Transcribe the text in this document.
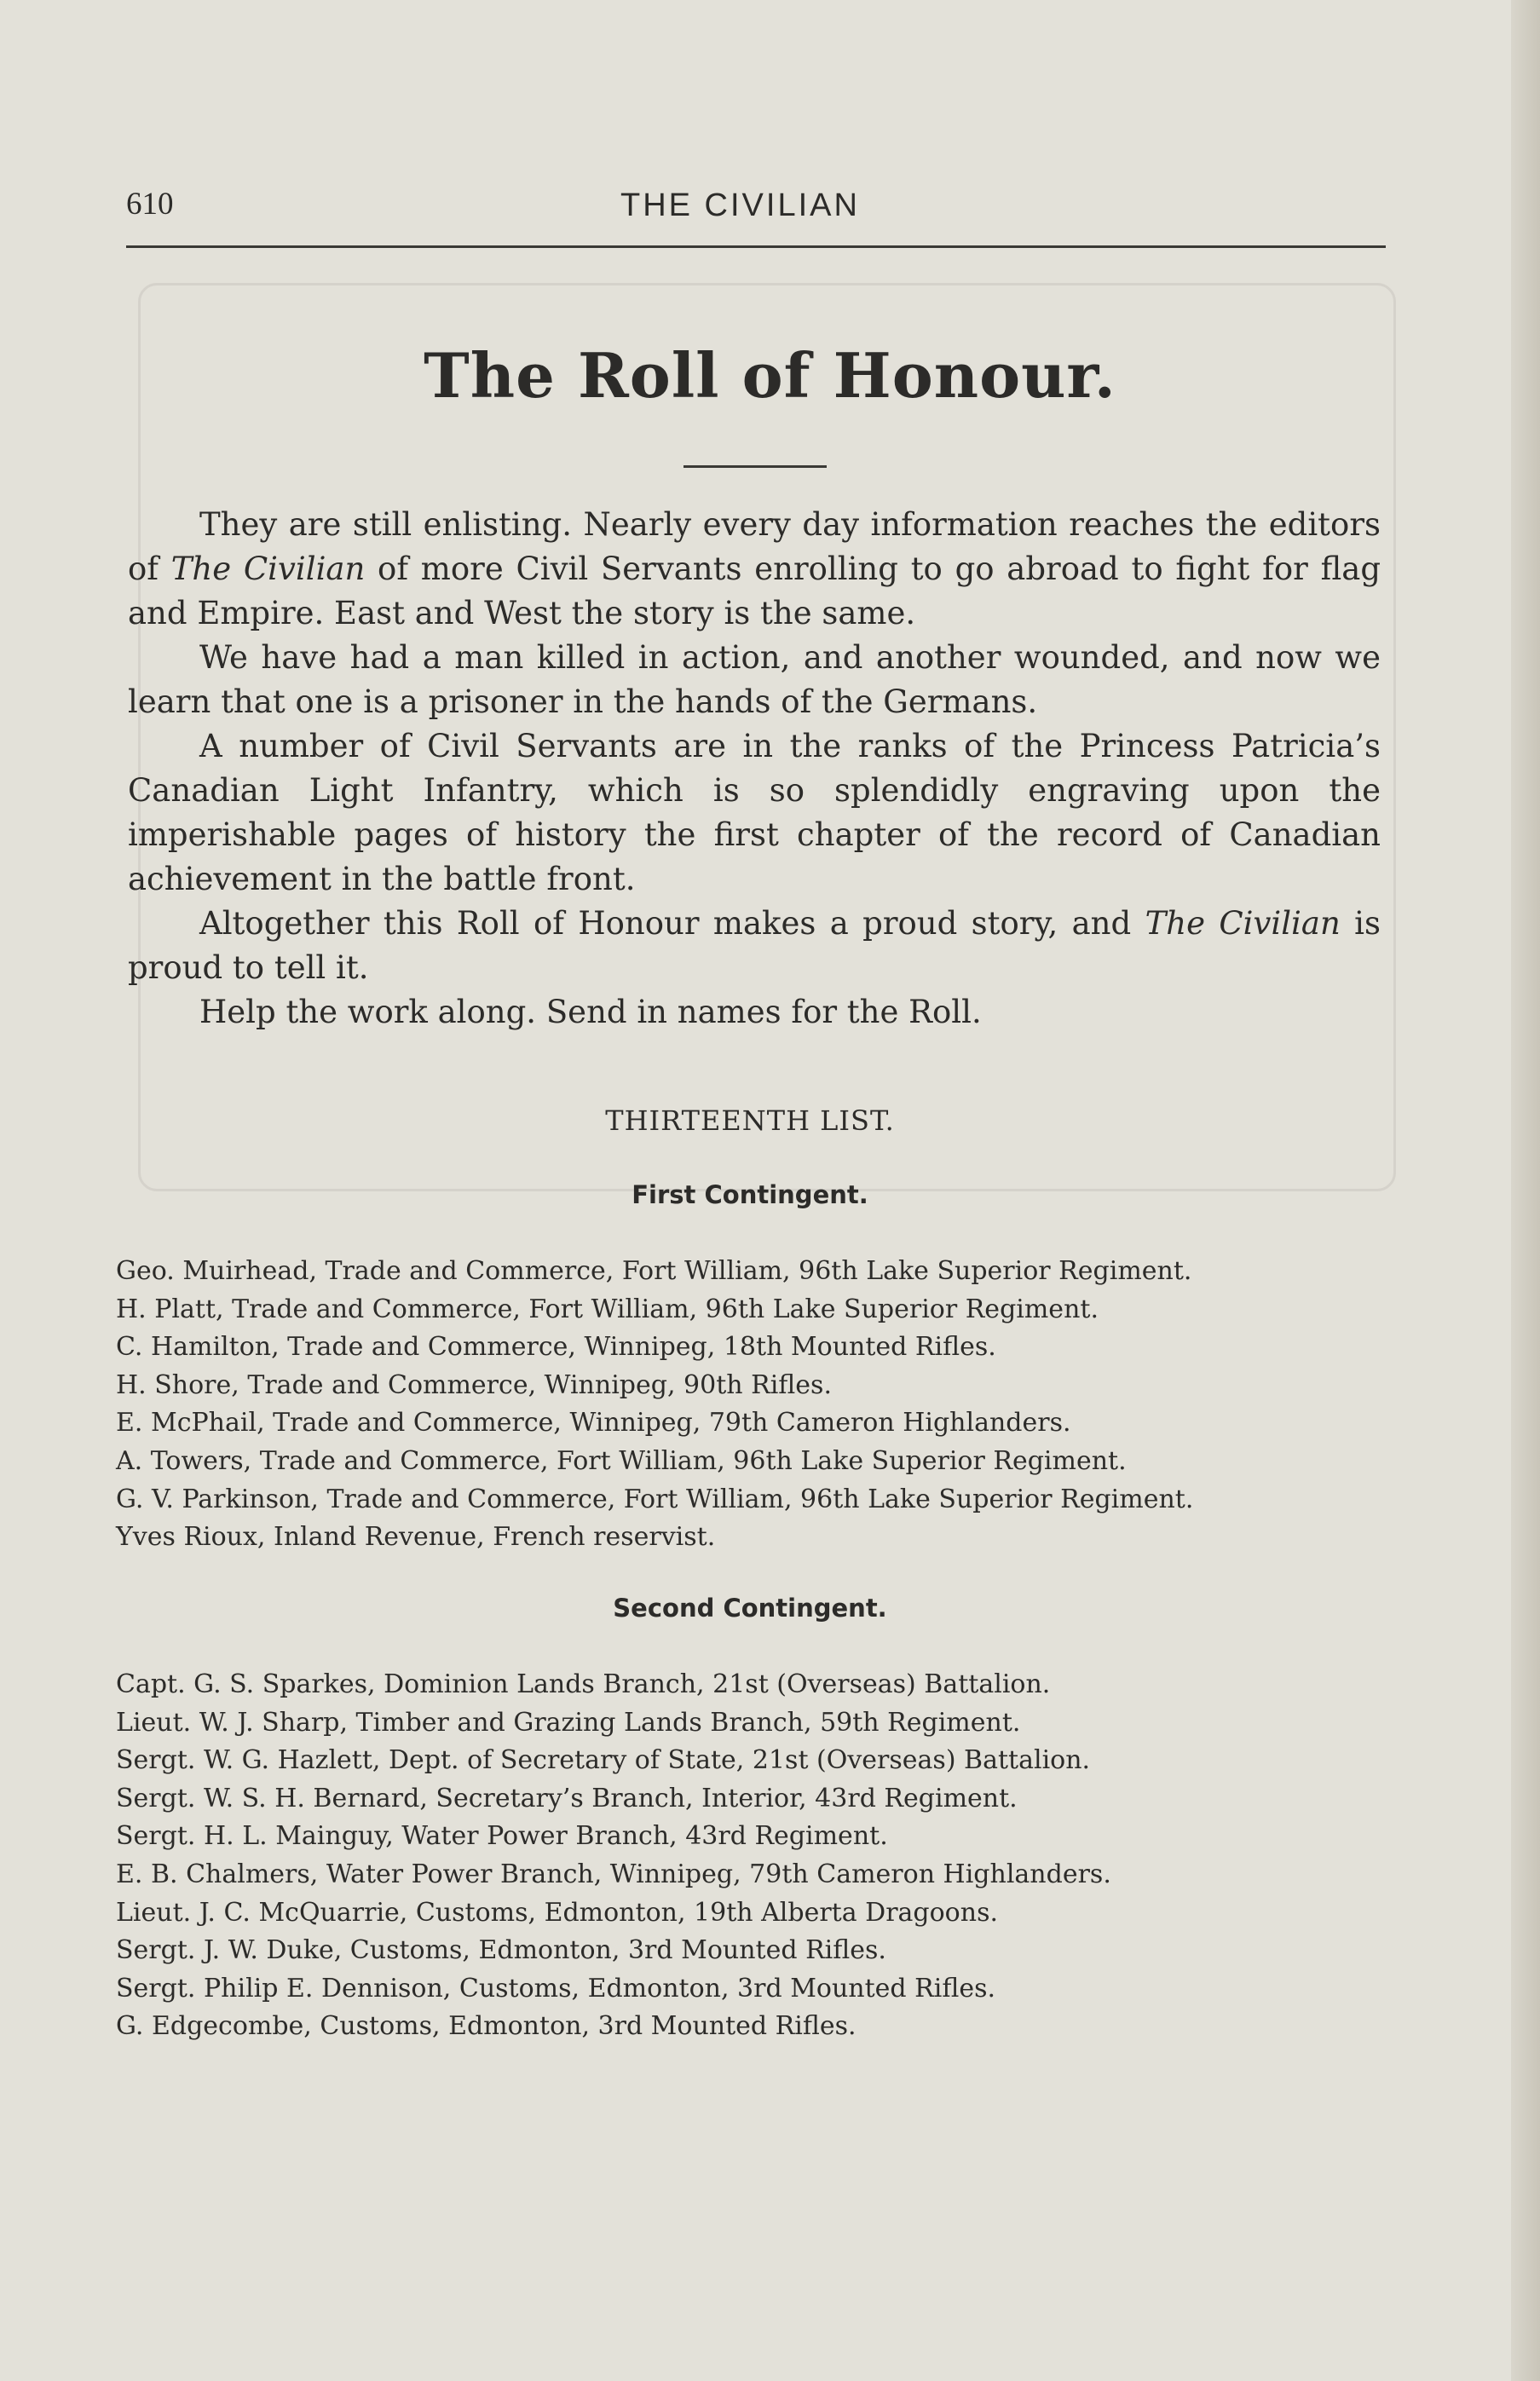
610	THE CIVILIAN
The Roll of Honour.

They are still enlisting. Nearly every day information reaches the editors of The Civilian of more Civil Servants enrolling to go abroad to fight for flag and Empire. East and West the story is the same.

We have had a man killed in action, and another wounded, and now we learn that one is a prisoner in the hands of the Germans.

A number of Civil Servants are in the ranks of the Princess Patricia’s Canadian Light Infantry, which is so splendidly engraving upon the imperishable pages of history the first chapter of the record of Canadian achievement in the battle front.

Altogether this Roll of Honour makes a proud story, and The Civilian is proud to tell it.

Help the work along. Send in names for the Roll.

THIRTEENTH LIST.
First Contingent.
Geo. Muirhead, Trade and Commerce, Fort William, 96th Lake Superior Regiment.
H. Platt, Trade and Commerce, Fort William, 96th Lake Superior Regiment.
C. Hamilton, Trade and Commerce, Winnipeg, 18th Mounted Rifles.
H. Shore, Trade and Commerce, Winnipeg, 90th Rifles.
E. McPhail, Trade and Commerce, Winnipeg, 79th Cameron Highlanders.
A. Towers, Trade and Commerce, Fort William, 96th Lake Superior Regiment.
G. V. Parkinson, Trade and Commerce, Fort William, 96th Lake Superior Regiment.
Yves Rioux, Inland Revenue, French reservist.
Second Contingent.
Capt. G. S. Sparkes, Dominion Lands Branch, 21st (Overseas) Battalion.
Lieut. W. J. Sharp, Timber and Grazing Lands Branch, 59th Regiment.
Sergt. W. G. Hazlett, Dept. of Secretary of State, 21st (Overseas) Battalion.
Sergt. W. S. H. Bernard, Secretary’s Branch, Interior, 43rd Regiment.
Sergt. H. L. Mainguy, Water Power Branch, 43rd Regiment.
E. B. Chalmers, Water Power Branch, Winnipeg, 79th Cameron Highlanders.
Lieut. J. C. McQuarrie, Customs, Edmonton, 19th Alberta Dragoons.
Sergt. J. W. Duke, Customs, Edmonton, 3rd Mounted Rifles.
Sergt. Philip E. Dennison, Customs, Edmonton, 3rd Mounted Rifles.
G. Edgecombe, Customs, Edmonton, 3rd Mounted Rifles.
